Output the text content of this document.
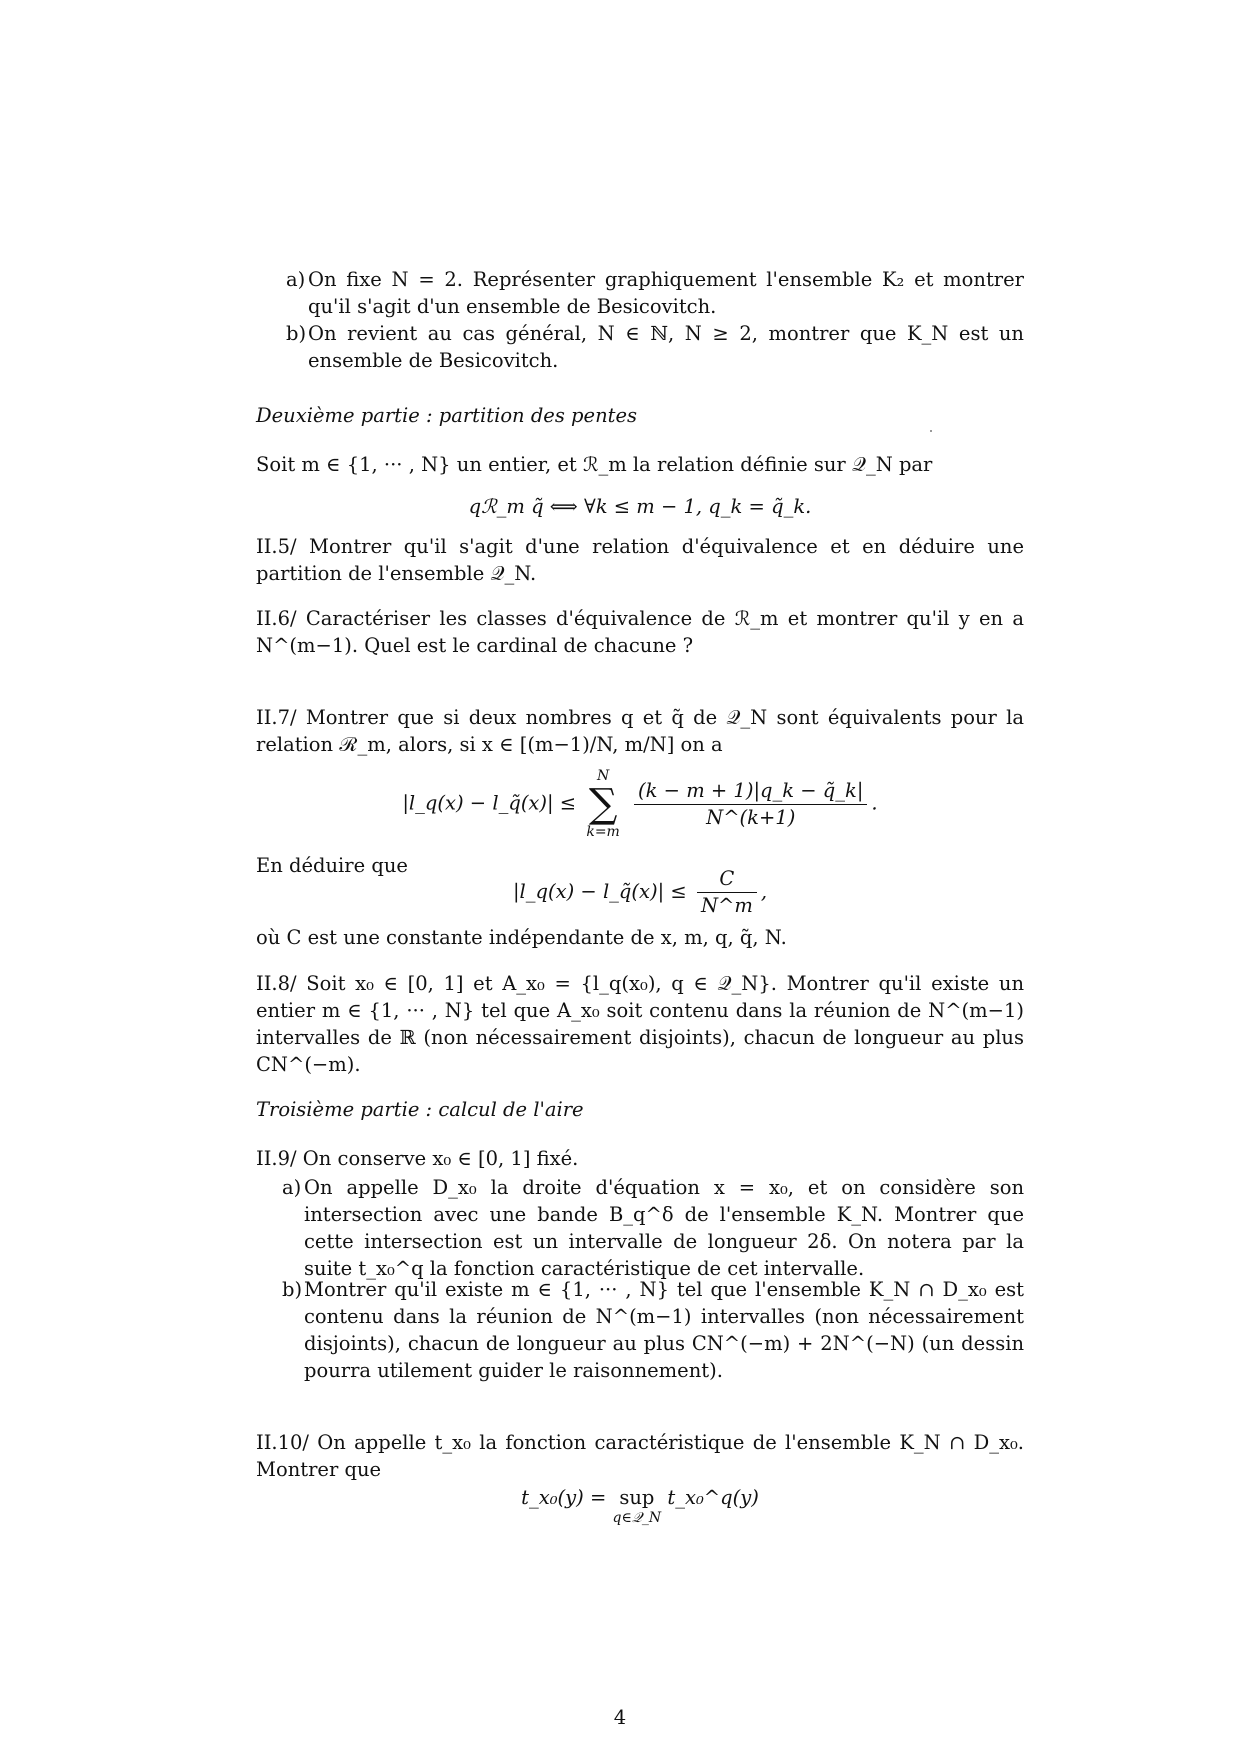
a) On fixe N = 2. Représenter graphiquement l'ensemble K₂ et montrer qu'il s'agit d'un ensemble de Besicovitch.

b) On revient au cas général, N ∈ ℕ, N ≥ 2, montrer que K_N est un ensemble de Besicovitch.

Deuxième partie : partition des pentes

Soit m ∈ {1, ··· , N} un entier, et ℛ_m la relation définie sur 𝒬_N par

qℛ_m q̃ ⟺ ∀k ≤ m − 1, q_k = q̃_k.

II.5/ Montrer qu'il s'agit d'une relation d'équivalence et en déduire une partition de l'ensemble 𝒬_N.

II.6/ Caractériser les classes d'équivalence de ℛ_m et montrer qu'il y en a N^(m−1). Quel est le cardinal de chacune ?

II.7/ Montrer que si deux nombres q et q̃ de 𝒬_N sont équivalents pour la relation ℛ_m, alors, si x ∈ [(m−1)/N, m/N] on a

|l_q(x) − l_q̃(x)| ≤
N
∑
k=m

$\frac{(k - m + 1)|q\_k - q̃\_k|}{N\^{}(k+1)}$ .
En déduire que
|l_q(x) − l_q̃(x)| ≤ $\frac{C}{N\^{}m}$ ,

où C est une constante indépendante de x, m, q, q̃, N.

II.8/ Soit x₀ ∈ [0, 1] et A_x₀ = {l_q(x₀), q ∈ 𝒬_N}. Montrer qu'il existe un entier m ∈ {1, ··· , N} tel que A_x₀ soit contenu dans la réunion de N^(m−1) intervalles de ℝ (non nécessairement disjoints), chacun de longueur au plus CN^(−m).

Troisième partie : calcul de l'aire
II.9/ On conserve x₀ ∈ [0, 1] fixé.
a) On appelle D_x₀ la droite d'équation x = x₀, et on considère son intersection avec une bande B_q^δ de l'ensemble K_N. Montrer que cette intersection est un intervalle de longueur 2δ. On notera par la suite t_x₀^q la fonction caractéristique de cet intervalle.

b) Montrer qu'il existe m ∈ {1, ··· , N} tel que l'ensemble K_N ∩ D_x₀ est contenu dans la réunion de N^(m−1) intervalles (non nécessairement disjoints), chacun de longueur au plus CN^(−m) + 2N^(−N) (un dessin pourra utilement guider le raisonnement).

II.10/ On appelle t_x₀ la fonction caractéristique de l'ensemble K_N ∩ D_x₀. Montrer que

t_x₀(y) = sup
q∈𝒬_N
t_x₀^q(y)
4
